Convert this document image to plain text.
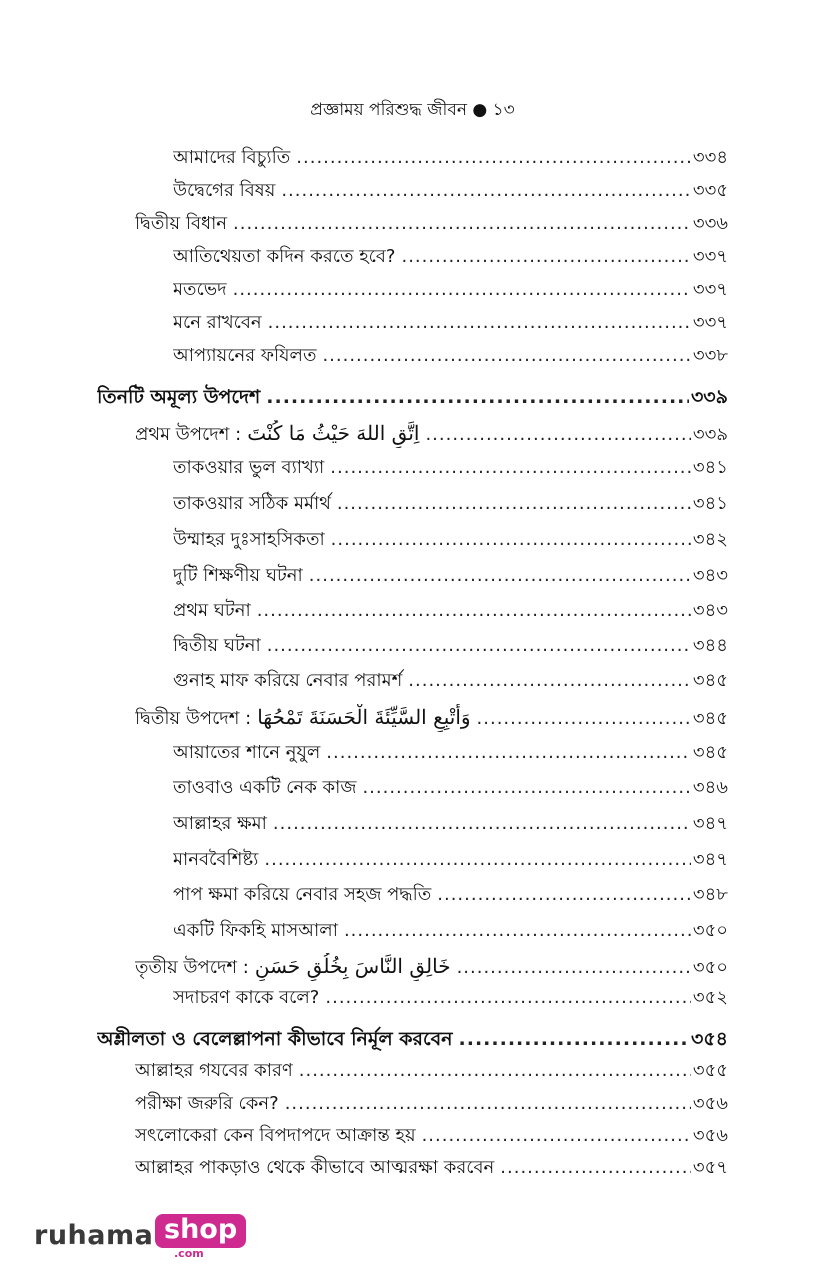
প্রজ্ঞাময় পরিশুদ্ধ জীবন ● ১৩
আমাদের বিচ্যুতি .....	৩৩৪
উদ্বেগের বিষয় .....	৩৩৫
দ্বিতীয় বিধান .....	৩৩৬
আতিথেয়তা কদিন করতে হবে? .....	৩৩৭
মতভেদ .....	৩৩৭
মনে রাখবেন .....	৩৩৭
আপ্যায়নের ফযিলত .....	৩৩৮
তিনটি অমূল্য উপদেশ .....	৩৩৯
প্রথম উপদেশ : اِتَّقِ اللهَ حَيْثُ مَا كُنْتَ .....	৩৩৯
তাকওয়ার ভুল ব্যাখ্যা .....	৩৪১
তাকওয়ার সঠিক মর্মার্থ .....	৩৪১
উম্মাহর দুঃসাহসিকতা .....	৩৪২
দুটি শিক্ষণীয় ঘটনা .....	৩৪৩
প্রথম ঘটনা .....	৩৪৩
দ্বিতীয় ঘটনা .....	৩৪৪
গুনাহ মাফ করিয়ে নেবার পরামর্শ .....	৩৪৫
দ্বিতীয় উপদেশ : وَأَتْبِعِ السَّيِّئَةَ الْحَسَنَةَ تَمْحُهَا .....	৩৪৫
আয়াতের শানে নুযুল .....	৩৪৫
তাওবাও একটি নেক কাজ .....	৩৪৬
আল্লাহর ক্ষমা .....	৩৪৭
মানববৈশিষ্ট্য .....	৩৪৭
পাপ ক্ষমা করিয়ে নেবার সহজ পদ্ধতি .....	৩৪৮
একটি ফিকহি মাসআলা .....	৩৫০
তৃতীয় উপদেশ : خَالِقِ النَّاسَ بِخُلُقٍ حَسَنٍ .....	৩৫০
সদাচরণ কাকে বলে? .....	৩৫২
অশ্লীলতা ও বেলেল্লাপনা কীভাবে নির্মূল করবেন .....	৩৫৪
আল্লাহর গযবের কারণ .....	৩৫৫
পরীক্ষা জরুরি কেন? .....	৩৫৬
সৎলোকেরা কেন বিপদাপদে আক্রান্ত হয় .....	৩৫৬
আল্লাহর পাকড়াও থেকে কীভাবে আত্মরক্ষা করবেন .....	৩৫৭
ruhama shop
.com
